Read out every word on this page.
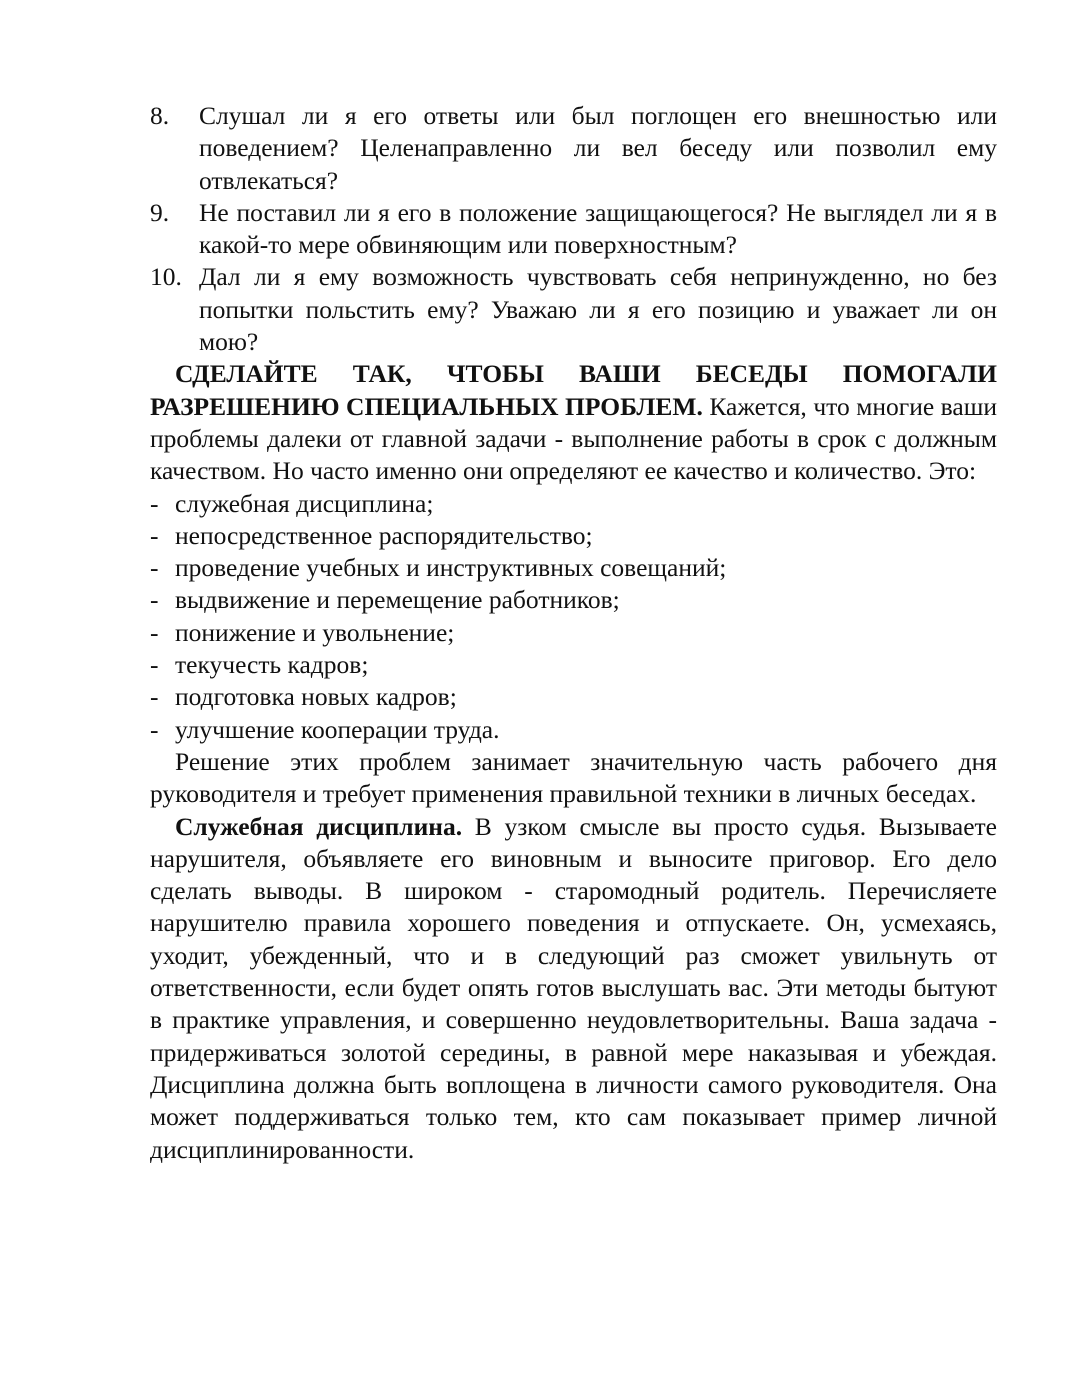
8. Слушал ли я его ответы или был поглощен его внешностью или поведением? Целенаправленно ли вел беседу или позволил ему отвлекаться?
9. Не поставил ли я его в положение защищающегося? Не выглядел ли я в какой-то мере обвиняющим или поверхностным?
10. Дал ли я ему возможность чувствовать себя непринужденно, но без попытки польстить ему? Уважаю ли я его позицию и уважает ли он мою?

СДЕЛАЙТЕ ТАК, ЧТОБЫ ВАШИ БЕСЕДЫ ПОМОГАЛИ РАЗРЕШЕНИЮ СПЕЦИАЛЬНЫХ ПРОБЛЕМ. Кажется, что многие ваши проблемы далеки от главной задачи - выполнение работы в срок с должным качеством. Но часто именно они определяют ее качество и количество. Это:

- служебная дисциплина;
- непосредственное распорядительство;
- проведение учебных и инструктивных совещаний;
- выдвижение и перемещение работников;
- понижение и увольнение;
- текучесть кадров;
- подготовка новых кадров;
- улучшение кооперации труда.

Решение этих проблем занимает значительную часть рабочего дня руководителя и требует применения правильной техники в личных беседах.

Служебная дисциплина. В узком смысле вы просто судья. Вызываете нарушителя, объявляете его виновным и выносите приговор. Его дело сделать выводы. В широком - старомодный родитель. Перечисляете нарушителю правила хорошего поведения и отпускаете. Он, усмехаясь, уходит, убежденный, что и в следующий раз сможет увильнуть от ответственности, если будет опять готов выслушать вас. Эти методы бытуют в практике управления, и совершенно неудовлетворительны. Ваша задача - придерживаться золотой середины, в равной мере наказывая и убеждая. Дисциплина должна быть воплощена в личности самого руководителя. Она может поддерживаться только тем, кто сам показывает пример личной дисциплинированности.
